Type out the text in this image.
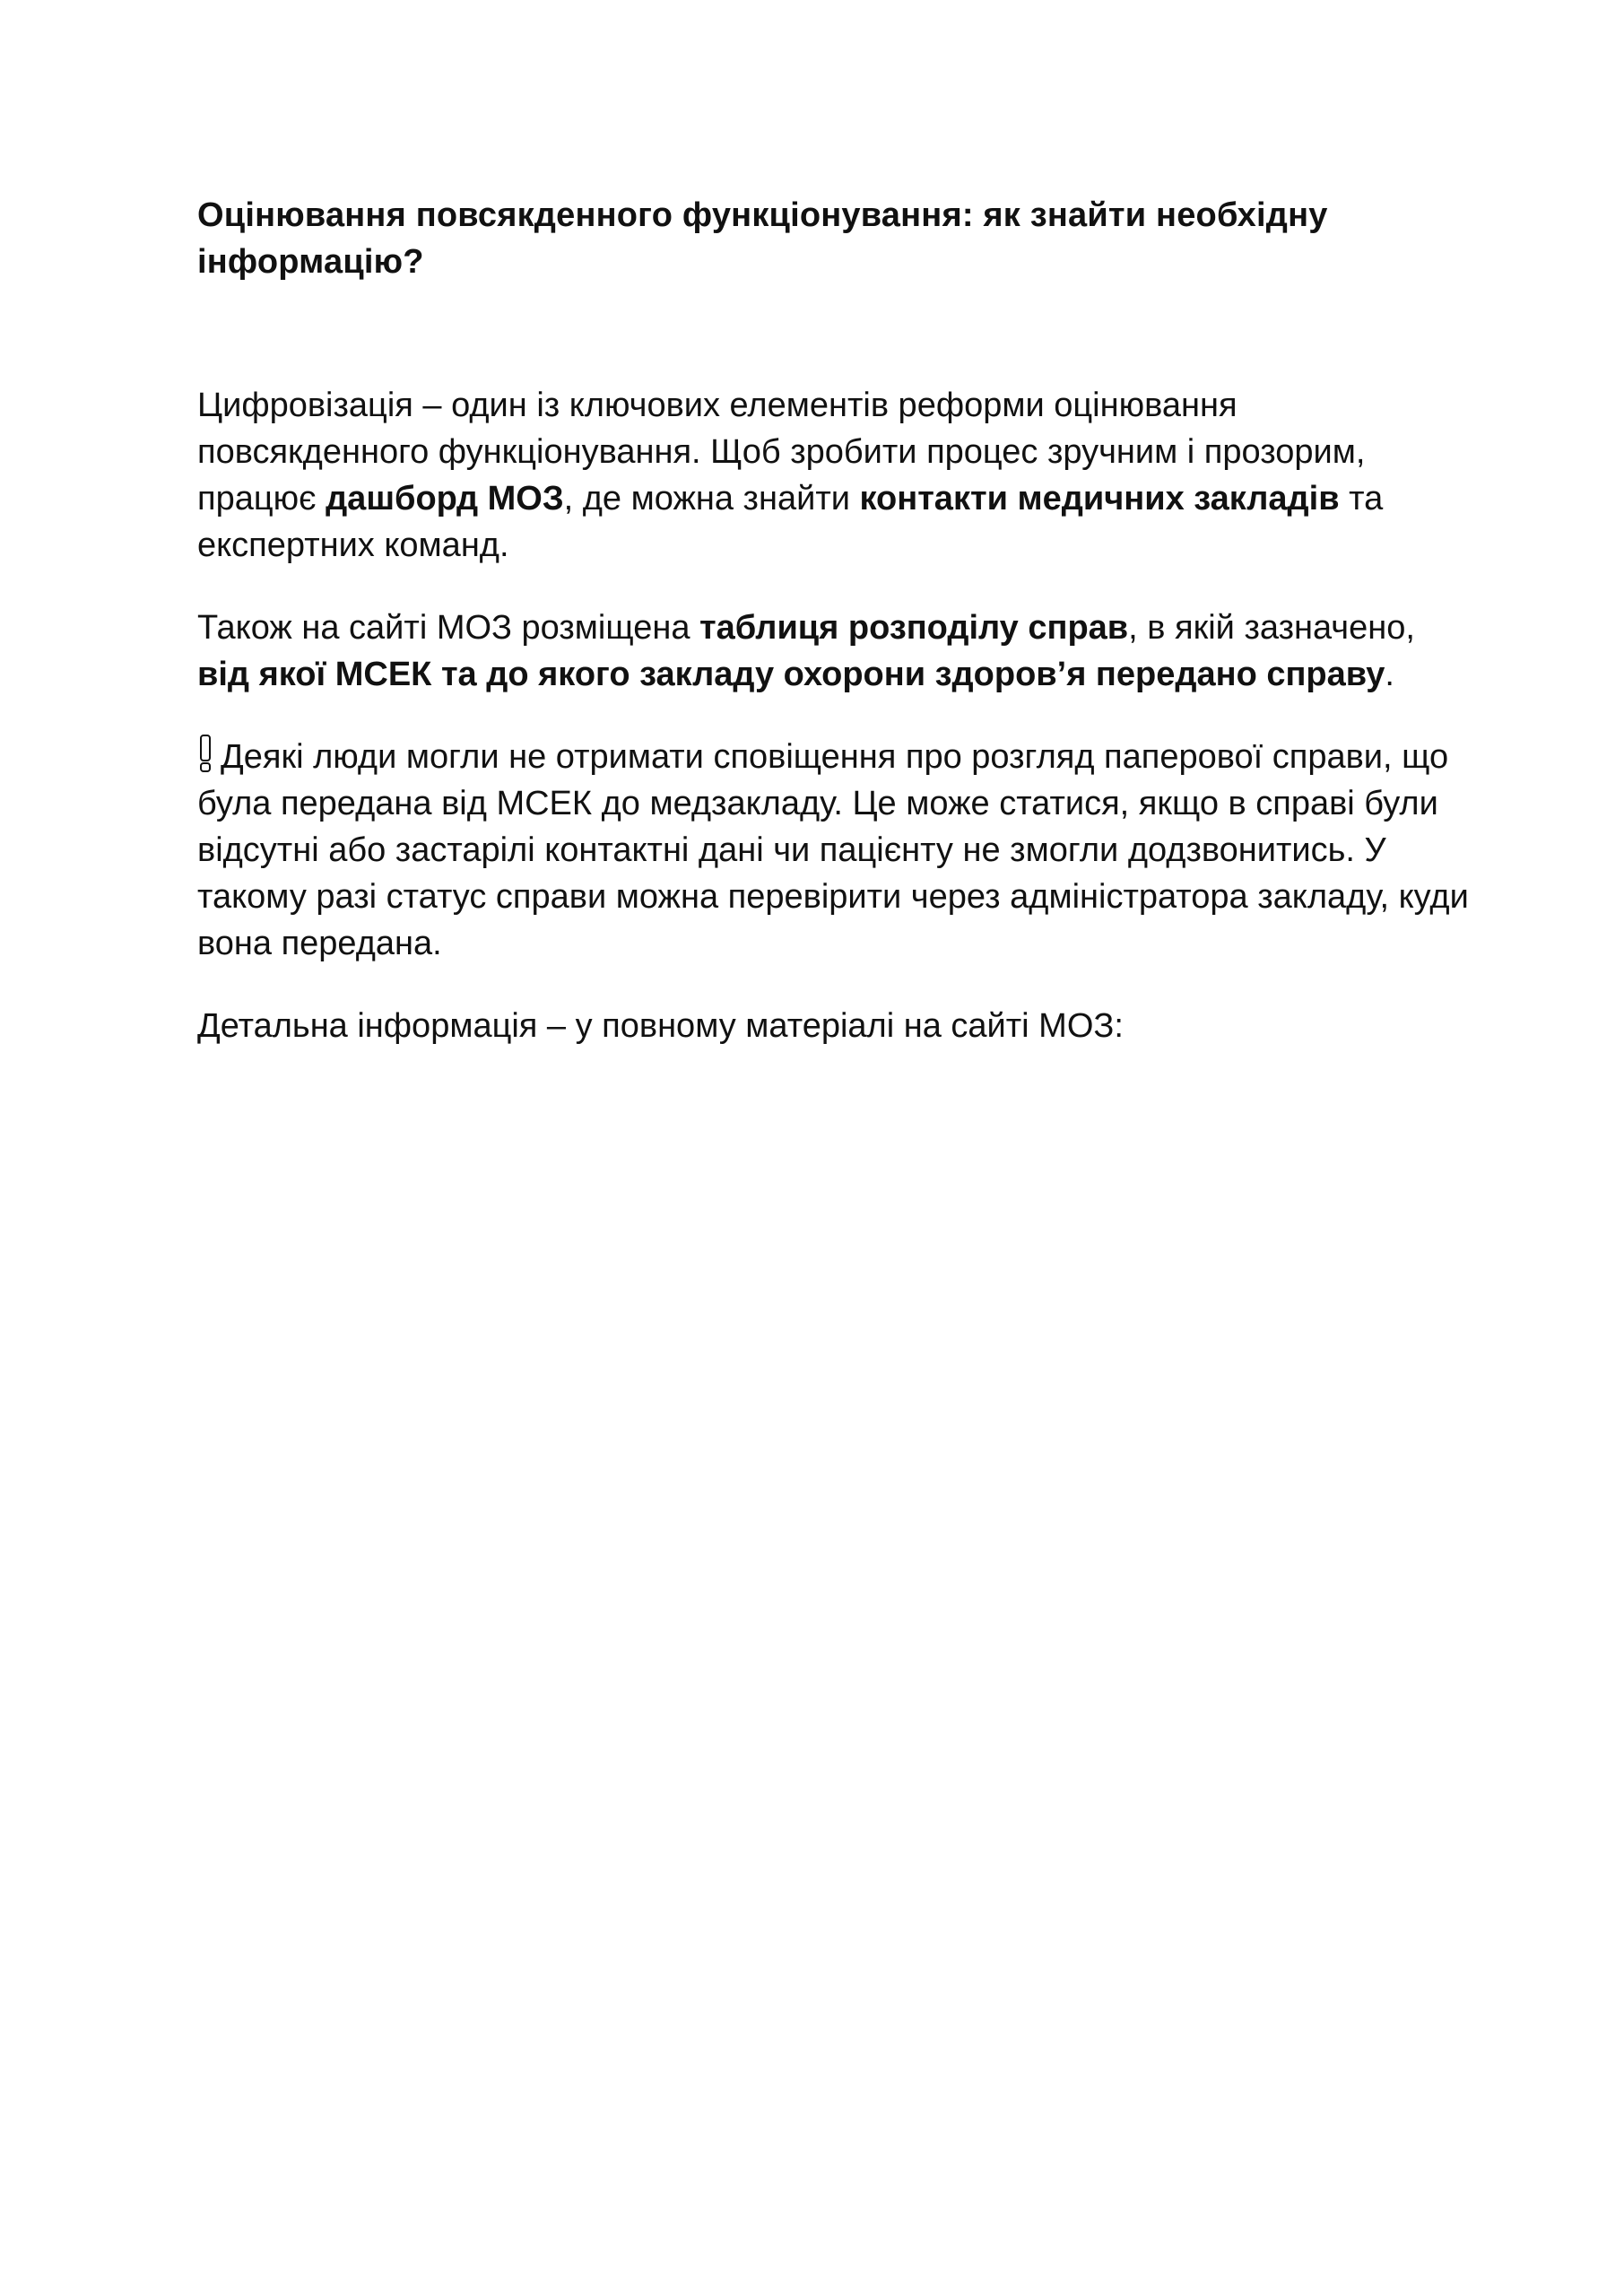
Оцінювання повсякденного функціонування: як знайти необхідну інформацію?

Цифровізація – один із ключових елементів реформи оцінювання повсякденного функціонування. Щоб зробити процес зручним і прозорим, працює дашборд МОЗ, де можна знайти контакти медичних закладів та експертних команд.

Також на сайті МОЗ розміщена таблиця розподілу справ, в якій зазначено, від якої МСЕК та до якого закладу охорони здоров’я передано справу.

Деякі люди могли не отримати сповіщення про розгляд паперової справи, що була передана від МСЕК до медзакладу. Це може статися, якщо в справі були відсутні або застарілі контактні дані чи пацієнту не змогли додзвонитись. У такому разі статус справи можна перевірити через адміністратора закладу, куди вона передана.

Детальна інформація – у повному матеріалі на сайті МОЗ:
